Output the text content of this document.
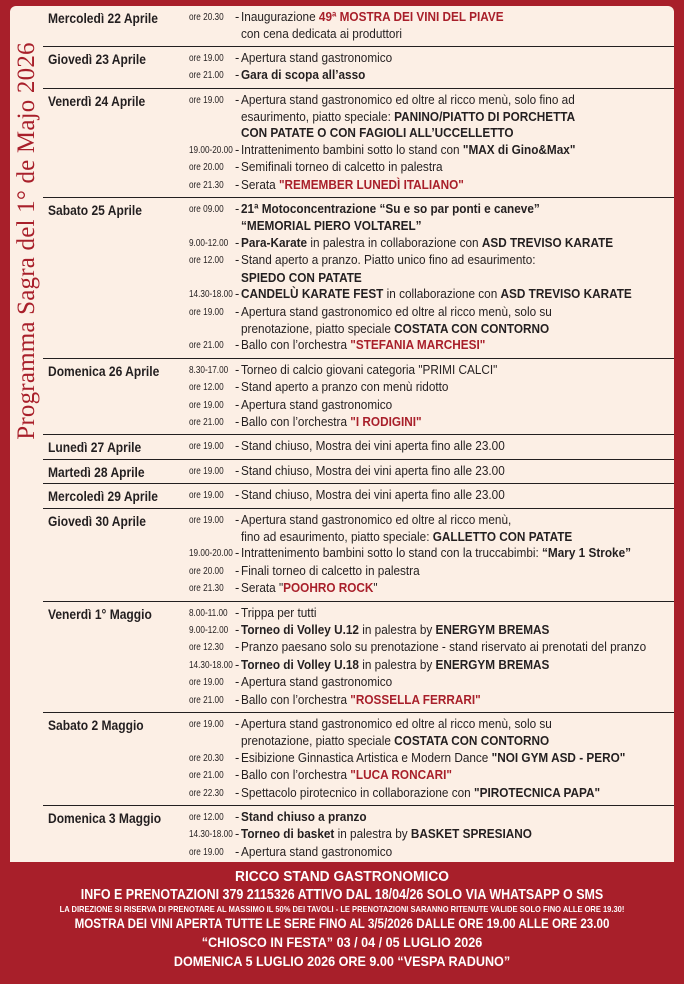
Programma Sagra del 1° de Majo 2026
Mercoledì 22 Aprile	ore 20.30 - Inaugurazione 49ª MOSTRA DEI VINI DEL PIAVE
con cena dedicata ai produttori
Giovedì 23 Aprile	ore 19.00 - Apertura stand gastronomico
ore 21.00 - Gara di scopa all’asso
Venerdì 24 Aprile	ore 19.00 - Apertura stand gastronomico ed oltre al ricco menù, solo fino ad
esaurimento, piatto speciale: PANINO/PIATTO DI PORCHETTA
CON PATATE O CON FAGIOLI ALL’UCCELLETTO
19.00-20.00 - Intrattenimento bambini sotto lo stand con "MAX di Gino&Max"
ore 20.00 - Semifinali torneo di calcetto in palestra
ore 21.30 - Serata "REMEMBER LUNEDÌ ITALIANO"
Sabato 25 Aprile	ore 09.00 - 21ª Motoconcentrazione “Su e so par ponti e caneve”
“MEMORIAL PIERO VOLTAREL”
9.00-12.00 - Para-Karate in palestra in collaborazione con ASD TREVISO KARATE
ore 12.00 - Stand aperto a pranzo. Piatto unico fino ad esaurimento:
SPIEDO CON PATATE
14.30-18.00 - CANDELÙ KARATE FEST in collaborazione con ASD TREVISO KARATE
ore 19.00 - Apertura stand gastronomico ed oltre al ricco menù, solo su
prenotazione, piatto speciale COSTATA CON CONTORNO
ore 21.00 - Ballo con l’orchestra "STEFANIA MARCHESI"
Domenica 26 Aprile	8.30-17.00 - Torneo di calcio giovani categoria "PRIMI CALCI"
ore 12.00 - Stand aperto a pranzo con menù ridotto
ore 19.00 - Apertura stand gastronomico
ore 21.00 - Ballo con l’orchestra "I RODIGINI"
Lunedì 27 Aprile	ore 19.00 - Stand chiuso, Mostra dei vini aperta fino alle 23.00
Martedì 28 Aprile	ore 19.00 - Stand chiuso, Mostra dei vini aperta fino alle 23.00
Mercoledì 29 Aprile	ore 19.00 - Stand chiuso, Mostra dei vini aperta fino alle 23.00
Giovedì 30 Aprile	ore 19.00 - Apertura stand gastronomico ed oltre al ricco menù,
fino ad esaurimento, piatto speciale: GALLETTO CON PATATE
19.00-20.00 - Intrattenimento bambini sotto lo stand con la truccabimbi: “Mary 1 Stroke”
ore 20.00 - Finali torneo di calcetto in palestra
ore 21.30 - Serata "POOHRO ROCK"
Venerdì 1° Maggio	8.00-11.00 - Trippa per tutti
9.00-12.00 - Torneo di Volley U.12 in palestra by ENERGYM BREMAS
ore 12.30 - Pranzo paesano solo su prenotazione - stand riservato ai prenotati del pranzo
14.30-18.00 - Torneo di Volley U.18 in palestra by ENERGYM BREMAS
ore 19.00 - Apertura stand gastronomico
ore 21.00 - Ballo con l’orchestra "ROSSELLA FERRARI"
Sabato 2 Maggio	ore 19.00 - Apertura stand gastronomico ed oltre al ricco menù, solo su
prenotazione, piatto speciale COSTATA CON CONTORNO
ore 20.30 - Esibizione Ginnastica Artistica e Modern Dance "NOI GYM ASD - PERO"
ore 21.00 - Ballo con l’orchestra "LUCA RONCARI"
ore 22.30 - Spettacolo pirotecnico in collaborazione con "PIROTECNICA PAPA"
Domenica 3 Maggio	ore 12.00 - Stand chiuso a pranzo
14.30-18.00 - Torneo di basket in palestra by BASKET SPRESIANO
ore 19.00 - Apertura stand gastronomico
RICCO STAND GASTRONOMICO
INFO E PRENOTAZIONI 379 2115326 ATTIVO DAL 18/04/26 SOLO VIA WHATSAPP O SMS
LA DIREZIONE SI RISERVA DI PRENOTARE AL MASSIMO IL 50% DEI TAVOLI - LE PRENOTAZIONI SARANNO RITENUTE VALIDE SOLO FINO ALLE ORE 19.30!
MOSTRA DEI VINI APERTA TUTTE LE SERE FINO AL 3/5/2026 DALLE ORE 19.00 ALLE ORE 23.00
“CHIOSCO IN FESTA” 03 / 04 / 05 LUGLIO 2026
DOMENICA 5 LUGLIO 2026 ORE 9.00 “VESPA RADUNO”
